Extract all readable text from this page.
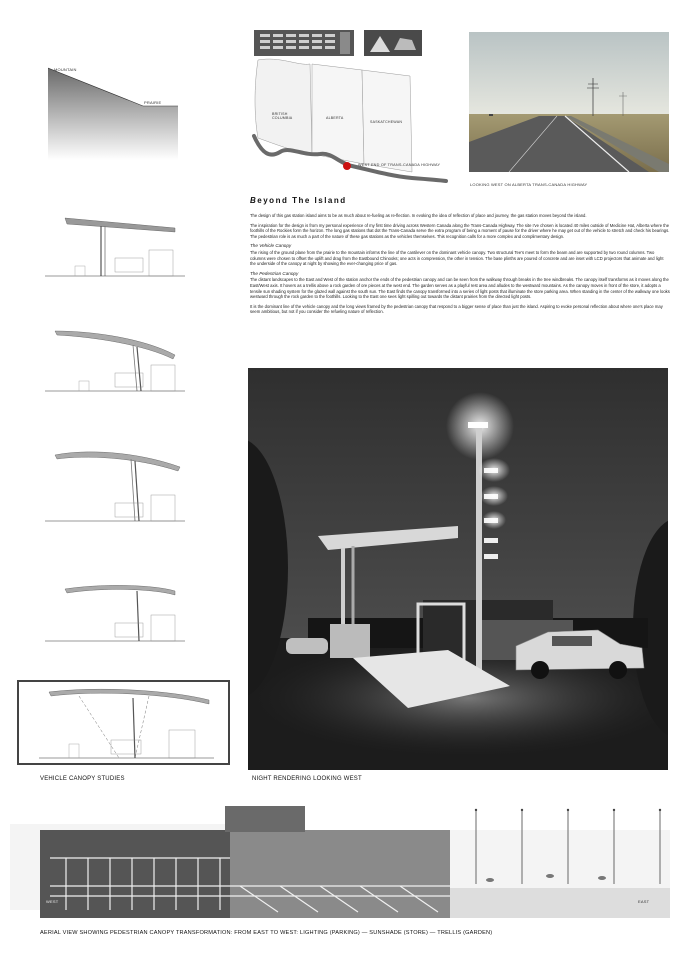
MOUNTAIN
PRAIRIE
BRITISH COLUMBIA	ALBERTA
SASKATCHEWAN
WEST END OF TRANS-CANADA HIGHWAY
LOOKING WEST ON ALBERTA TRANS-CANADA HIGHWAY
Beyond The Island

The design of this gas station island aims to be as much about re-fueling as re-flection. In evoking the idea of reflection of place and journey, the gas station moves beyond the island.

The inspiration for the design is from my personal experience of my first time driving across Western Canada along the Trans-Canada Highway. The site I've chosen is located 40 miles outside of Medicine Hat, Alberta where the foothills of the Rockies form the horizon. The long gas stations that dot the Trans-Canada serve the extra program of being a moment of pause for the driver where he may get out of the vehicle to stretch and check his bearings. The pedestrian role is as much a part of the nature of these gas stations as the vehicles themselves. This recognition calls for a more complex and complimentary design.

The Vehicle Canopy

The rising of the ground plane from the prairie to the mountain informs the line of the cantilever on the dominant vehicle canopy. Two structural Tee's meet to form the beam and are supported by two round columns. Two columns were chosen to offset the uplift and drag from the Eastbound Chinooks; one acts in compression, the other in tension. The base plinths are poured of concrete and are inset with LCD projectors that animate and light the underside of the canopy at night by showing the ever-changing price of gas.

The Pedestrian Canopy

The distant landscapes to the East and West of the station anchor the ends of the pedestrian canopy and can be seen from the walkway through breaks in the tree windbreaks. The canopy itself transforms as it moves along the East/West axis. It hovers as a trellis above a rock garden of ore pieces at the west end. The garden serves as a playful rest area and alludes to the westward mountains. As the canopy moves in front of the store, it adopts a tensile sun shading system for the glazed wall against the south sun. The East finds the canopy transformed into a series of light posts that illuminate the store parking area. When standing in the center of the walkway one looks westward through the rock garden to the foothills. Looking to the East one sees light spilling out towards the distant prairies from the directed light posts.

It is the dominant line of the vehicle canopy and the long views framed by the pedestrian canopy that respond to a bigger sense of place than just the island. Aspiring to evoke personal reflection about where one's place may seem ambitious, but not if you consider the refueling nature of reflection.

VEHICLE CANOPY STUDIES	NIGHT RENDERING LOOKING WEST
WEST	EAST
AERIAL VIEW SHOWING PEDESTRIAN CANOPY TRANSFORMATION: FROM EAST TO WEST: LIGHTING (PARKING) — SUNSHADE (STORE) — TRELLIS (GARDEN)
